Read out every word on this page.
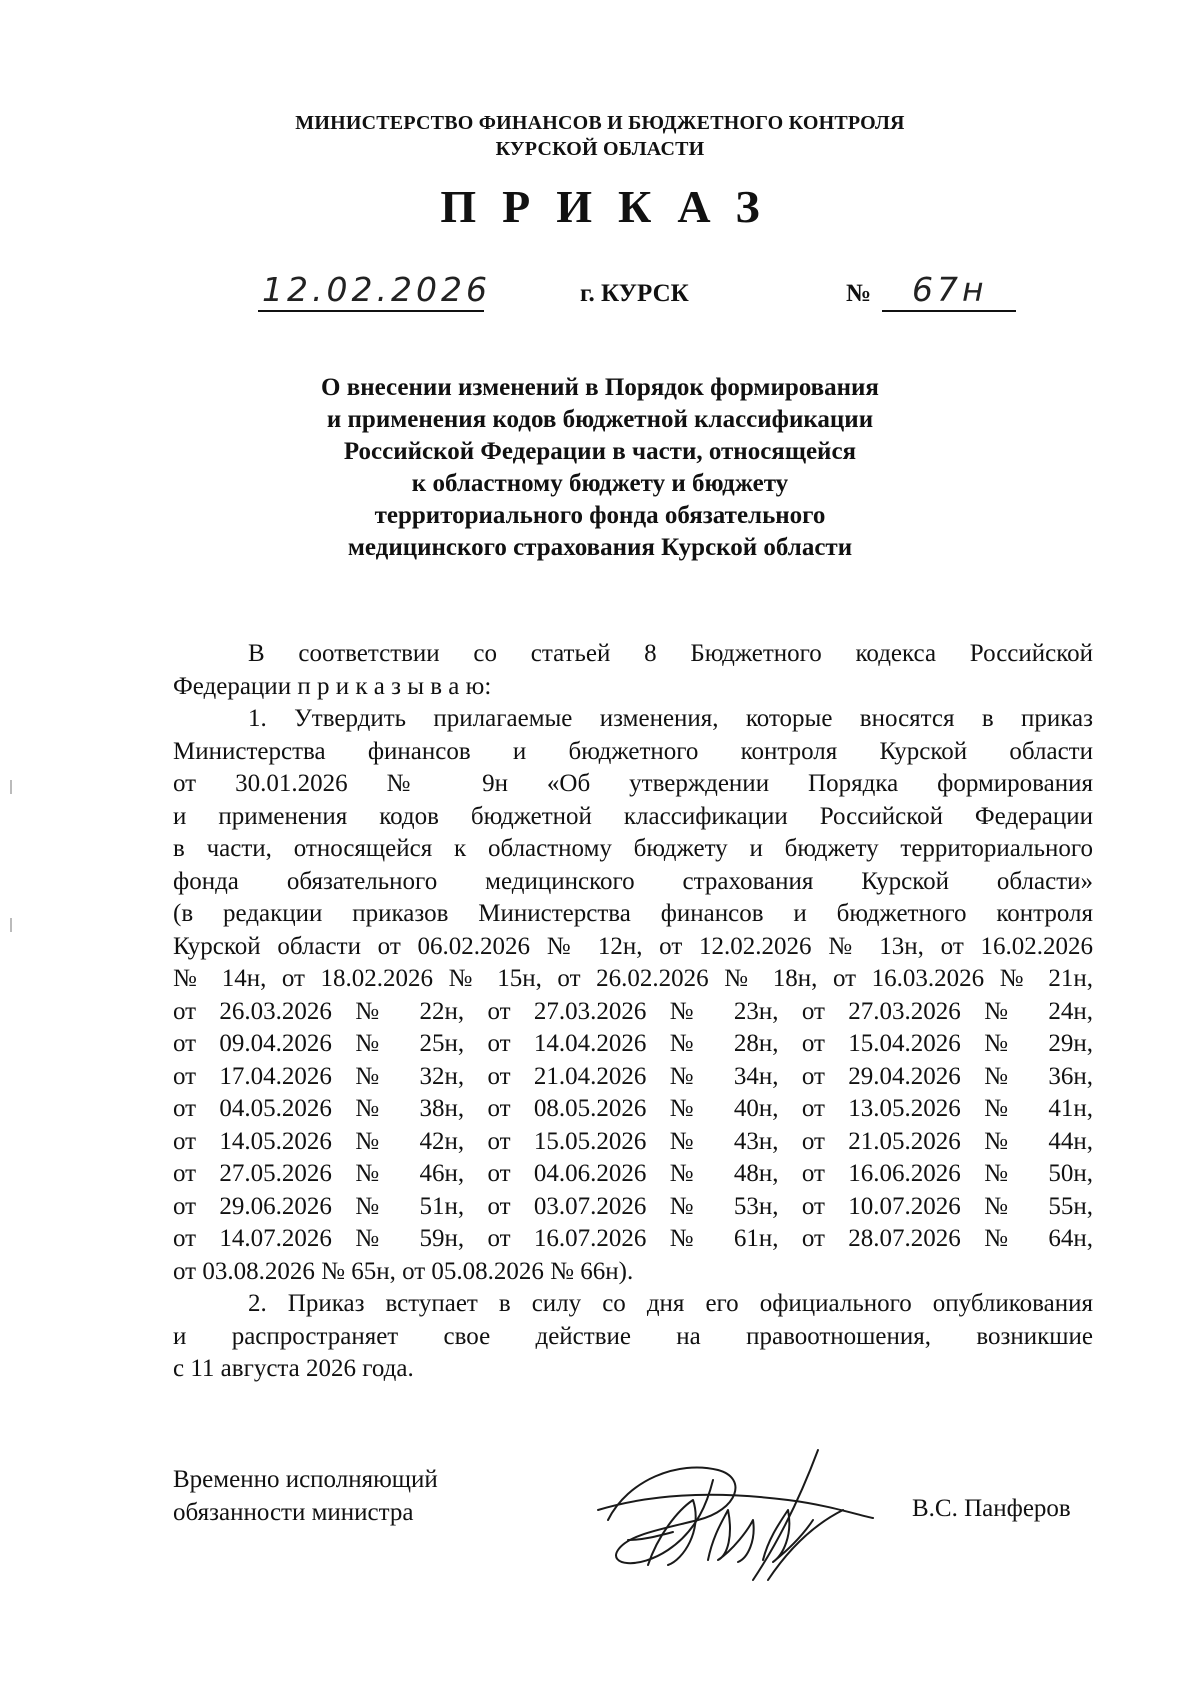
МИНИСТЕРСТВО ФИНАНСОВ И БЮДЖЕТНОГО КОНТРОЛЯ
КУРСКОЙ ОБЛАСТИ
ПРИКАЗ
12.02.2026	г. КУРСК	№ 67н
О внесении изменений в Порядок формирования
и применения кодов бюджетной классификации
Российской Федерации в части, относящейся
к областному бюджету и бюджету
территориального фонда обязательного
медицинского страхования Курской области
В соответствии со статьей 8 Бюджетного кодекса Российской
Федерации п р и к а з ы в а ю:
1. Утвердить прилагаемые изменения, которые вносятся в приказ
Министерства финансов и бюджетного контроля Курской области
от 30.01.2026 № 9н «Об утверждении Порядка формирования
и применения кодов бюджетной классификации Российской Федерации
в части, относящейся к областному бюджету и бюджету территориального
фонда обязательного медицинского страхования Курской области»
(в редакции приказов Министерства финансов и бюджетного контроля
Курской области от 06.02.2026 № 12н, от 12.02.2026 № 13н, от 16.02.2026
№ 14н, от 18.02.2026 № 15н, от 26.02.2026 № 18н, от 16.03.2026 № 21н,
от 26.03.2026 № 22н, от 27.03.2026 № 23н, от 27.03.2026 № 24н,
от 09.04.2026 № 25н, от 14.04.2026 № 28н, от 15.04.2026 № 29н,
от 17.04.2026 № 32н, от 21.04.2026 № 34н, от 29.04.2026 № 36н,
от 04.05.2026 № 38н, от 08.05.2026 № 40н, от 13.05.2026 № 41н,
от 14.05.2026 № 42н, от 15.05.2026 № 43н, от 21.05.2026 № 44н,
от 27.05.2026 № 46н, от 04.06.2026 № 48н, от 16.06.2026 № 50н,
от 29.06.2026 № 51н, от 03.07.2026 № 53н, от 10.07.2026 № 55н,
от 14.07.2026 № 59н, от 16.07.2026 № 61н, от 28.07.2026 № 64н,
от 03.08.2026 № 65н, от 05.08.2026 № 66н).
2. Приказ вступает в силу со дня его официального опубликования
и распространяет свое действие на правоотношения, возникшие
с 11 августа 2026 года.
Временно исполняющий
обязанности министра	В.С. Панферов
